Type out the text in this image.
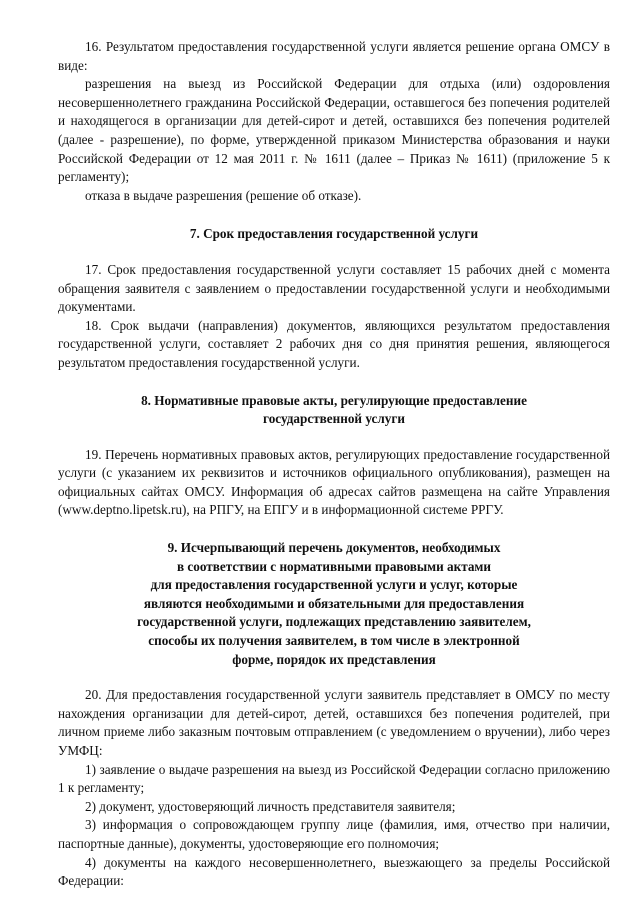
16. Результатом предоставления государственной услуги является решение органа ОМСУ в виде:

разрешения на выезд из Российской Федерации для отдыха (или) оздоровления несовершеннолетнего гражданина Российской Федерации, оставшегося без попечения родителей и находящегося в организации для детей-сирот и детей, оставшихся без попечения родителей (далее - разрешение), по форме, утвержденной приказом Министерства образования и науки Российской Федерации от 12 мая 2011 г. № 1611 (далее – Приказ № 1611) (приложение 5 к регламенту);

отказа в выдаче разрешения (решение об отказе).

7. Срок предоставления государственной услуги

17. Срок предоставления государственной услуги составляет 15 рабочих дней с момента обращения заявителя с заявлением о предоставлении государственной услуги и необходимыми документами.

18. Срок выдачи (направления) документов, являющихся результатом предоставления государственной услуги, составляет 2 рабочих дня со дня принятия решения, являющегося результатом предоставления государственной услуги.

8. Нормативные правовые акты, регулирующие предоставление

государственной услуги

19. Перечень нормативных правовых актов, регулирующих предоставление государственной услуги (с указанием их реквизитов и источников официального опубликования), размещен на официальных сайтах ОМСУ. Информация об адресах сайтов размещена на сайте Управления (www.deptno.lipetsk.ru), на РПГУ, на ЕПГУ и в информационной системе РРГУ.

9. Исчерпывающий перечень документов, необходимых

в соответствии с нормативными правовыми актами

для предоставления государственной услуги и услуг, которые

являются необходимыми и обязательными для предоставления

государственной услуги, подлежащих представлению заявителем,

способы их получения заявителем, в том числе в электронной

форме, порядок их представления

20. Для предоставления государственной услуги заявитель представляет в ОМСУ по месту нахождения организации для детей-сирот, детей, оставшихся без попечения родителей, при личном приеме либо заказным почтовым отправлением (с уведомлением о вручении), либо через УМФЦ:

1) заявление о выдаче разрешения на выезд из Российской Федерации согласно приложению 1 к регламенту;

2) документ, удостоверяющий личность представителя заявителя;

3) информация о сопровождающем группу лице (фамилия, имя, отчество при наличии, паспортные данные), документы, удостоверяющие его полномочия;

4) документы на каждого несовершеннолетнего, выезжающего за пределы Российской Федерации:
